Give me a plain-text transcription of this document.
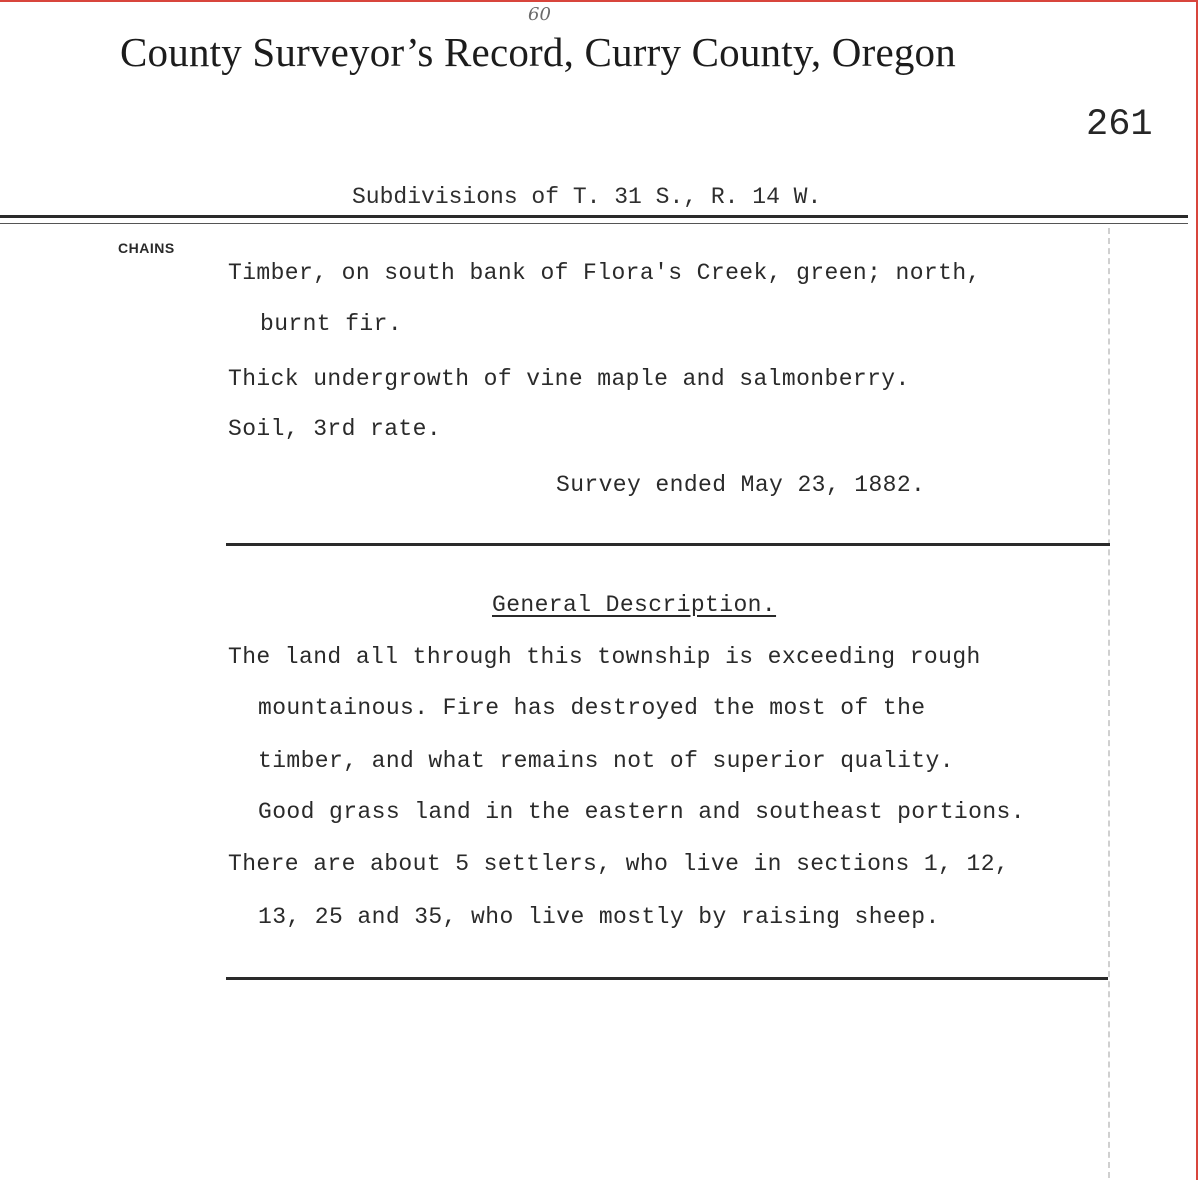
60
County Surveyor’s Record, Curry County, Oregon
261
Subdivisions of T. 31 S., R. 14 W.
CHAINS
Timber, on south bank of Flora's Creek, green; north,
burnt fir.
Thick undergrowth of vine maple and salmonberry.
Soil, 3rd rate.
Survey ended May 23, 1882.
General Description.
The land all through this township is exceeding rough
mountainous. Fire has destroyed the most of the
timber, and what remains not of superior quality.
Good grass land in the eastern and southeast portions.
There are about 5 settlers, who live in sections 1, 12,
13, 25 and 35, who live mostly by raising sheep.
